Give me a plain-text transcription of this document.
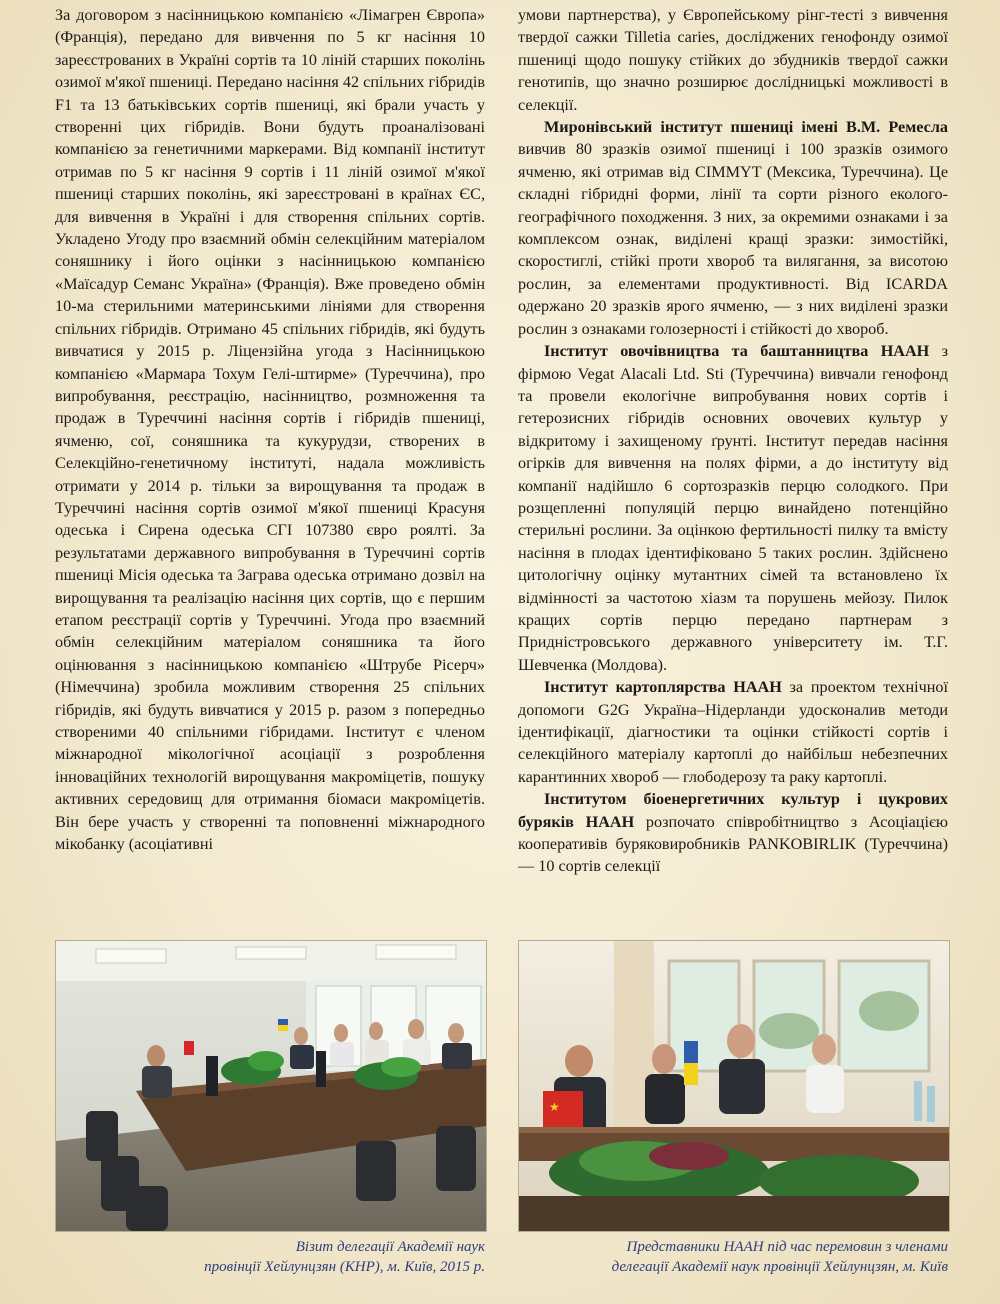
За договором з насінницькою компанією «Лімагрен Європа» (Франція), передано для вивчення по 5 кг насіння 10 зареєстрованих в Україні сортів та 10 ліній старших поколінь озимої м'якої пшениці. Передано насіння 42 спільних гібридів F1 та 13 батьківських сортів пшениці, які брали участь у створенні цих гібридів. Вони будуть проаналізовані компанією за генетичними маркерами. Від компанії інститут отримав по 5 кг насіння 9 сортів і 11 ліній озимої м'якої пшениці старших поколінь, які зареєстровані в країнах ЄС, для вивчення в Україні і для створення спільних сортів. Укладено Угоду про взаємний обмін селекційним матеріалом соняшнику і його оцінки з насінницькою компанією «Маїсадур Семанс Україна» (Франція). Вже проведено обмін 10-ма стерильними материнськими лініями для створення спільних гібридів. Отримано 45 спільних гібридів, які будуть вивчатися у 2015 р. Ліцензійна угода з Насінницькою компанією «Мармара Тохум Гелі-штирме» (Туреччина), про випробування, реєстрацію, насінництво, розмноження та продаж в Туреччині насіння сортів і гібридів пшениці, ячменю, сої, соняшника та кукурудзи, створених в Селекційно-генетичному інституті, надала можливість отримати у 2014 р. тільки за вирощування та продаж в Туреччині насіння сортів озимої м'якої пшениці Красуня одеська і Сирена одеська СГІ 107380 євро роялті. За результатами державного випробування в Туреччині сортів пшениці Місія одеська та Загравa одеська отримано дозвіл на вирощування та реалізацію насіння цих сортів, що є першим етапом реєстрації сортів у Туреччині. Угода про взаємний обмін селекційним матеріалом соняшника та його оцінювання з насінницькою компанією «Штрубе Рісерч» (Німеччина) зробила можливим створення 25 спільних гібридів, які будуть вивчатися у 2015 р. разом з попередньо створеними 40 спільними гібридами. Інститут є членом міжнародної мікологічної асоціації з розроблення інноваційних технологій вирощування макроміцетів, пошуку активних середовищ для отримання біомаси макроміцетів. Він бере участь у створенні та поповненні міжнародного мікобанку (асоціативні

умови партнерства), у Європейському рінг-тесті з вивчення твердої сажки Tilletia caries, досліджених генофонду озимої пшениці щодо пошуку стійких до збудників твердої сажки генотипів, що значно розширює дослідницькі можливості в селекції.

Миронівський інститут пшениці імені В.М. Ремесла вивчив 80 зразків озимої пшениці і 100 зразків озимого ячменю, які отримав від CIMMYT (Мексика, Туреччина). Це складні гібридні форми, лінії та сорти різного еколого-географічного походження. З них, за окремими ознаками і за комплексом ознак, виділені кращі зразки: зимостійкі, скоростиглі, стійкі проти хвороб та вилягання, за висотою рослин, за елементами продуктивності. Від ICARDA одержано 20 зразків ярого ячменю, — з них виділені зразки рослин з ознаками голозерності і стійкості до хвороб.

Інститут овочівництва та баштанництва НААН з фірмою Vegat Alacali Ltd. Sti (Туреччина) вивчали генофонд та провели екологічне випробування нових сортів і гетерозисних гібридів основних овочевих культур у відкритому і захищеному ґрунті. Інститут передав насіння огірків для вивчення на полях фірми, а до інституту від компанії надійшло 6 сортозразків перцю солодкого. При розщепленні популяцій перцю винайдено потенційно стерильні рослини. За оцінкою фертильності пилку та вмісту насіння в плодах ідентифіковано 5 таких рослин. Здійснено цитологічну оцінку мутантних сімей та встановлено їх відмінності за частотою хіазм та порушень мейозу. Пилок кращих сортів перцю передано партнерам з Придністровського державного університету ім. Т.Г. Шевченка (Молдова).

Інститут картоплярства НААН за проектом технічної допомоги G2G Україна–Нідерланди удосконалив методи ідентифікації, діагностики та оцінки стійкості сортів і селекційного матеріалу картоплі до найбільш небезпечних карантинних хвороб — глободерозу та раку картоплі.

Інститутом біоенергетичних культур і цукрових буряків НААН розпочато співробітництво з Асоціацією кооперативів буряковиробників PANKOBIRLIK (Туреччина) — 10 сортів селекції

★
Візит делегації Академії наук
провінції Хейлунцзян (КНР), м. Київ, 2015 р.
Представники НААН під час перемовин з членами
делегації Академії наук провінції Хейлунцзян, м. Київ
